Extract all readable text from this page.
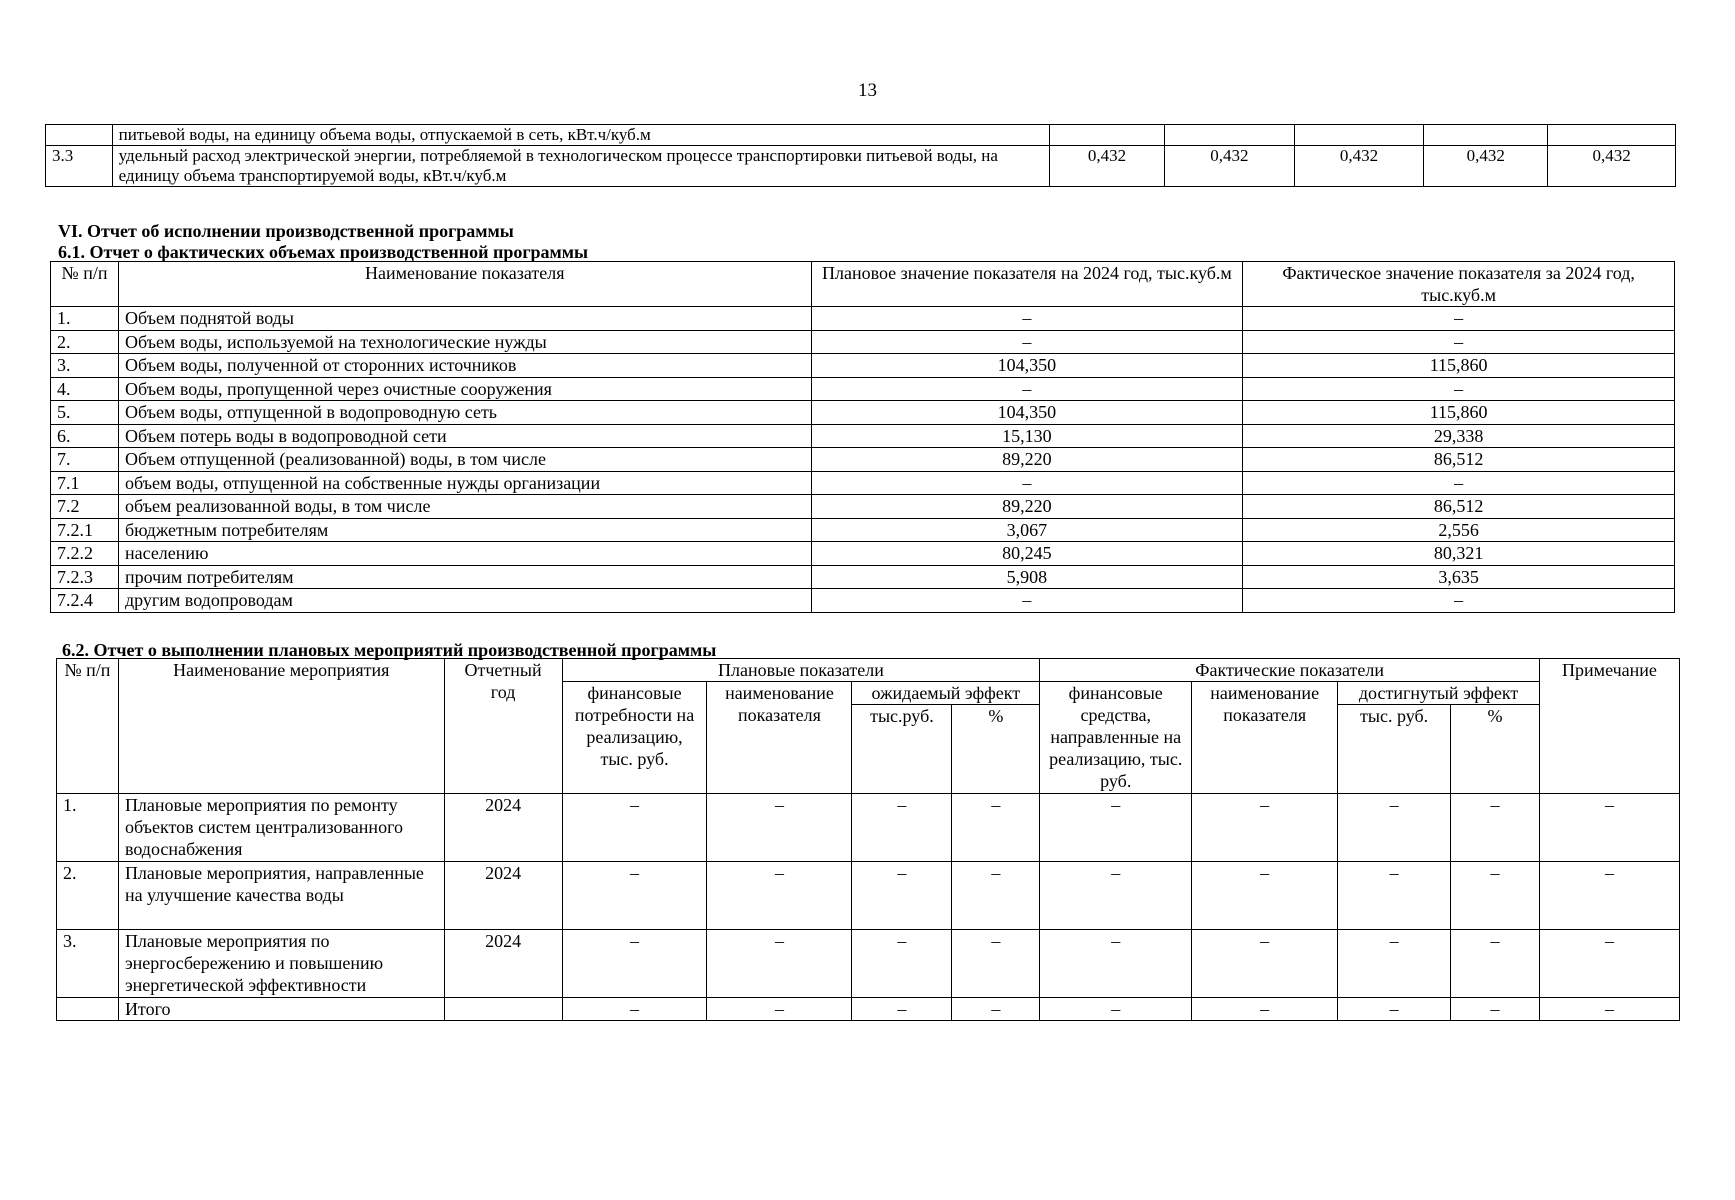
13
	питьевой воды, на единицу объема воды, отпускаемой в сеть, кВт.ч/куб.м					
3.3	удельный расход электрической энергии, потребляемой в технологическом процессе транспортировки питьевой воды, на единицу объема транспортируемой воды, кВт.ч/куб.м	0,432	0,432	0,432	0,432	0,432
VI. Отчет об исполнении производственной программы
6.1. Отчет о фактических объемах производственной программы
№ п/п	Наименование показателя	Плановое значение показателя на 2024 год, тыс.куб.м	Фактическое значение показателя за 2024 год, тыс.куб.м
1.	Объем поднятой воды	–	–
2.	Объем воды, используемой на технологические нужды	–	–
3.	Объем воды, полученной от сторонних источников	104,350	115,860
4.	Объем воды, пропущенной через очистные сооружения	–	–
5.	Объем воды, отпущенной в водопроводную сеть	104,350	115,860
6.	Объем потерь воды в водопроводной сети	15,130	29,338
7.	Объем отпущенной (реализованной) воды, в том числе	89,220	86,512
7.1	объем воды, отпущенной на собственные нужды организации	–	–
7.2	объем реализованной воды, в том числе	89,220	86,512
7.2.1	бюджетным потребителям	3,067	2,556
7.2.2	населению	80,245	80,321
7.2.3	прочим потребителям	5,908	3,635
7.2.4	другим водопроводам	–	–
6.2. Отчет о выполнении плановых мероприятий производственной программы
№ п/п	Наименование мероприятия	Отчетный год	Плановые показатели				Фактические показатели				Примечание
			финансовые потребности на реализацию, тыс. руб.	наименование показателя	ожидаемый эффект		финансовые средства, направленные на реализацию, тыс. руб.	наименование показателя	достигнутый эффект		
					тыс.руб.	%			тыс. руб.	%	
1.	Плановые мероприятия по ремонту объектов систем централизованного водоснабжения	2024	–	–	–	–	–	–	–	–	–
2.	Плановые мероприятия, направленные на улучшение качества воды	2024	–	–	–	–	–	–	–	–	–
3.	Плановые мероприятия по энергосбережению и повышению энергетической эффективности	2024	–	–	–	–	–	–	–	–	–
	Итого		–	–	–	–	–	–	–	–	–
